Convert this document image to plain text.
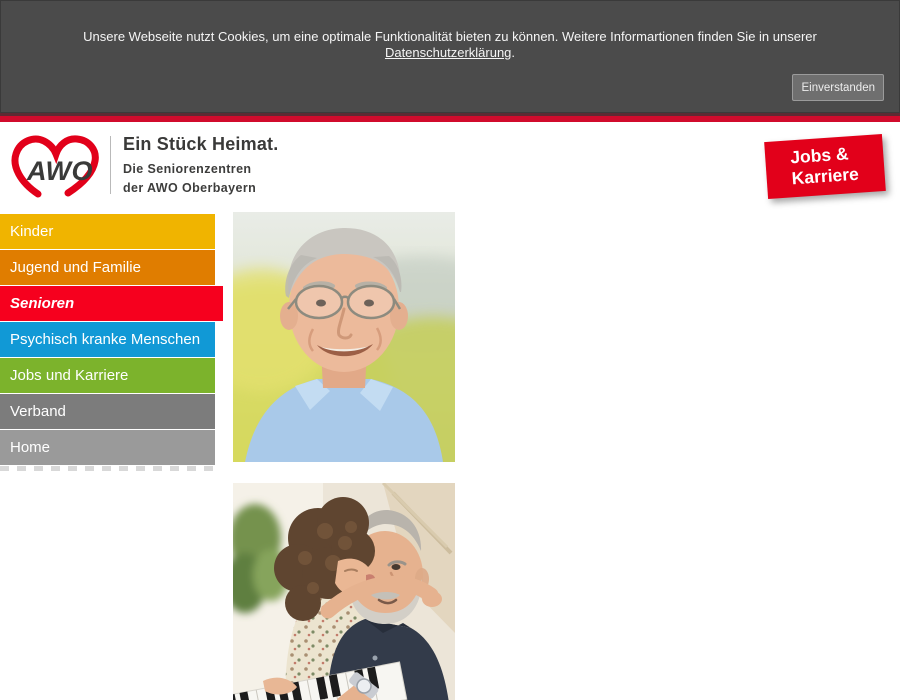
Unsere Webseite nutzt Cookies, um eine optimale Funktionalität bieten zu können. Weitere Informartionen finden Sie in unserer
Datenschutzerklärung.
Einverstanden
AWO
Ein Stück Heimat.
Die Seniorenzentren
der AWO Oberbayern
Jobs &
Karriere
Kinder
Jugend und Familie
Senioren
Psychisch kranke Menschen
Jobs und Karriere
Verband
Home
